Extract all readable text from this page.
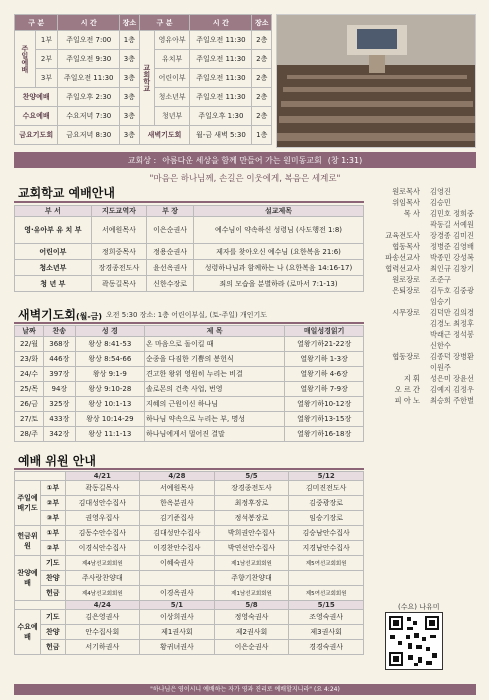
구 분		시 간	장소	구 분		시 간	장소
주일예배	1부	주일오전 7:00	1층	교회학교	영유아부	주일오전 11:30	2층
	2부	주일오전 9:30	3층		유치부	주일오전 11:30	2층
	3부	주일오전 11:30	3층		어린이부	주일오전 11:30	2층
찬양예배		주일오후 2:30	3층		청소년부	주일오전 11:30	2층
수요예배		수요저녁 7:30	3층		청년부	주일오후 1:30	2층
금요기도회		금요저녁 8:30	3층	새벽기도회		월-금 새벽 5:30	1층
교회상 : 아름다운 세상을 함께 만들어 가는 원미동교회 (창 1:31)
"마음은 하나님께, 손길은 이웃에게, 복음은 세계로"
교회학교 예배안내
부 서	지도교역자	부 장	설교제목
영·유아부 유 치 부	서예원목사	이은순권사	예수님이 약속하신 성령님 (사도행전 1:8)
어린이부	정희중목사	정용순권사	제자를 찾아오신 예수님 (요한복음 21:6)
청소년부	장경종전도사	윤선옥권사	성령하나님과 함께하는 나 (요한복음 14:16-17)
청 년 부	곽동길목사	신한수장로	죄의 모습을 분별하라 (로마서 7:1-13)
새벽기도회(월-금) 오전 5:30 장소: 1층 어린이부실, (토-주일) 개인기도
날짜	찬송	성 경	제 목	매일성경읽기
22/월	368장	왕상 8:41-53	온 마음으로 돌이킬 때	열왕기하21-22장
23/화	446장	왕상 8:54-66	순종을 다짐한 기쁨의 봉헌식	열왕기하 1-3장
24/수	397장	왕상 9:1-9	견고한 왕위 영원히 누리는 비결	열왕기하 4-6장
25/목	94장	왕상 9:10-28	솔로몬의 건축 사업, 번영	열왕기하 7-9장
26/금	325장	왕상 10:1-13	지혜의 근원이신 하나님	열왕기하10-12장
27/토	433장	왕상 10:14-29	하나님 약속으로 누리는 부, 명성	열왕기하13-15장
28/주	342장	왕상 11:1-13	하나님에게서 멀어진 결말	열왕기하16-18장
예배 위원 안내
		4/21	4/28	5/5	5/12
주일예배기도	①부	곽동길목사	서예원목사	장경종전도사	김미진전도사
	②부	김대성안수집사	한옥분권사	최정후장로	김중광장로
	③부	권영우집사	김기준집사	정석봉장로	임승기장로
헌금위원	①부	김동수안수집사	김대성안수집사	박희권안수집사	김승남안수집사
	②부	이경식안수집사	이경찬안수집사	박연선안수집사	지경남안수집사
찬양예배	기도	제4남선교회회원	이혜숙권사	제1남선교회회원	제5여선교회회원
	찬양	주사랑찬양대		주향기찬양대	
	헌금	제4남선교회회원	이경옥권사	제1남선교회회원	제5여선교회회원
		4/24	5/1	5/8	5/15
수요예배	기도	김은영권사	이상희권사	정영숙권사	조영숙권사
	찬양	안수집사회	제1권사회	제2권사회	제3권사회
	헌금	서기하권사	황귀녀권사	이은순권사	경경숙권사
원로목사 김영진
위임목사 김승민
목 사 김민호 정희중 곽동길 서예원
교육전도사 장경종 김미진
협동목사 정병준 김영배
파송선교사 박종민 강성복
협력선교사 최인규 김창기
원로장로 조준구
은퇴장로 김두호 김중광 임승기
시무장로 김덕만 김의경 김경노 최정후 박래근 정석봉 신한수
협동장로 김종덕 장병환 이원주
지 휘 성은미 장윤선
오 르 간 김예지 김정우
피 아 노 최승희 주한별
(수요) 나유미
"하나님은 영이시니 예배하는 자가 영과 진리로 예배할지니라" (요 4:24)
